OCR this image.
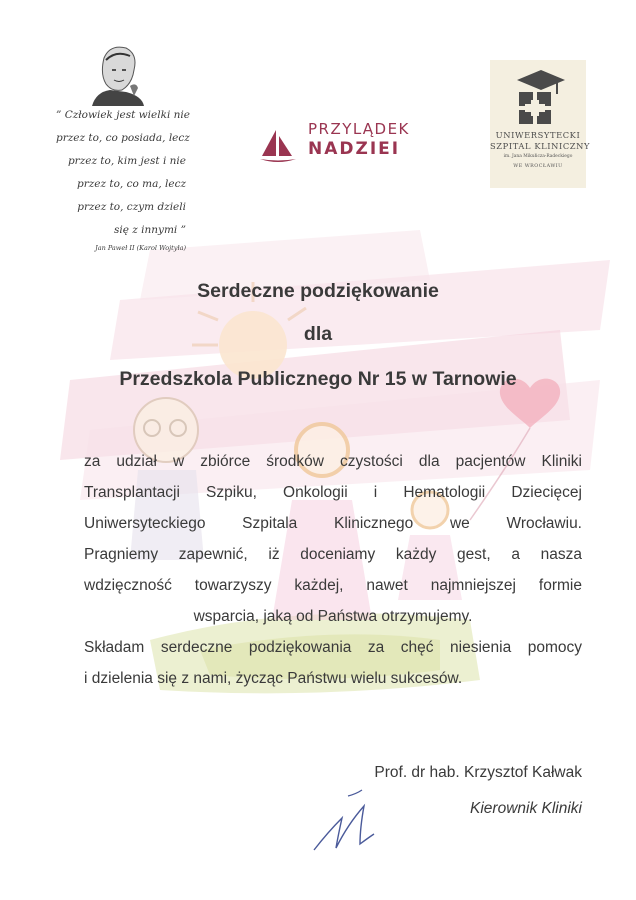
” Człowiek jest wielki nie
przez to, co posiada, lecz
przez to, kim jest i nie
przez to, co ma, lecz
przez to, czym dzieli
się z innymi ”
Jan Paweł II (Karol Wojtyła)
PRZYLĄDEK
NADZIEI
UNIWERSYTECKI
SZPITAL KLINICZNY
im. Jana Mikułicza-Radeckiego
WE WROCŁAWIU
Serdeczne podziękowanie
dla
Przedszkola Publicznego Nr 15 w Tarnowie
za udział w zbiórce środków czystości dla pacjentów Kliniki
Transplantacji Szpiku, Onkologii i Hematologii Dziecięcej
Uniwersyteckiego Szpitala Klinicznego we Wrocławiu.
Pragniemy zapewnić, iż doceniamy każdy gest, a nasza
wdzięczność towarzyszy każdej, nawet najmniejszej formie
wsparcia, jaką od Państwa otrzymujemy.
Składam serdeczne podziękowania za chęć niesienia pomocy
i dzielenia się z nami, życząc Państwu wielu sukcesów.
Prof. dr hab. Krzysztof Kałwak
Kierownik Kliniki
